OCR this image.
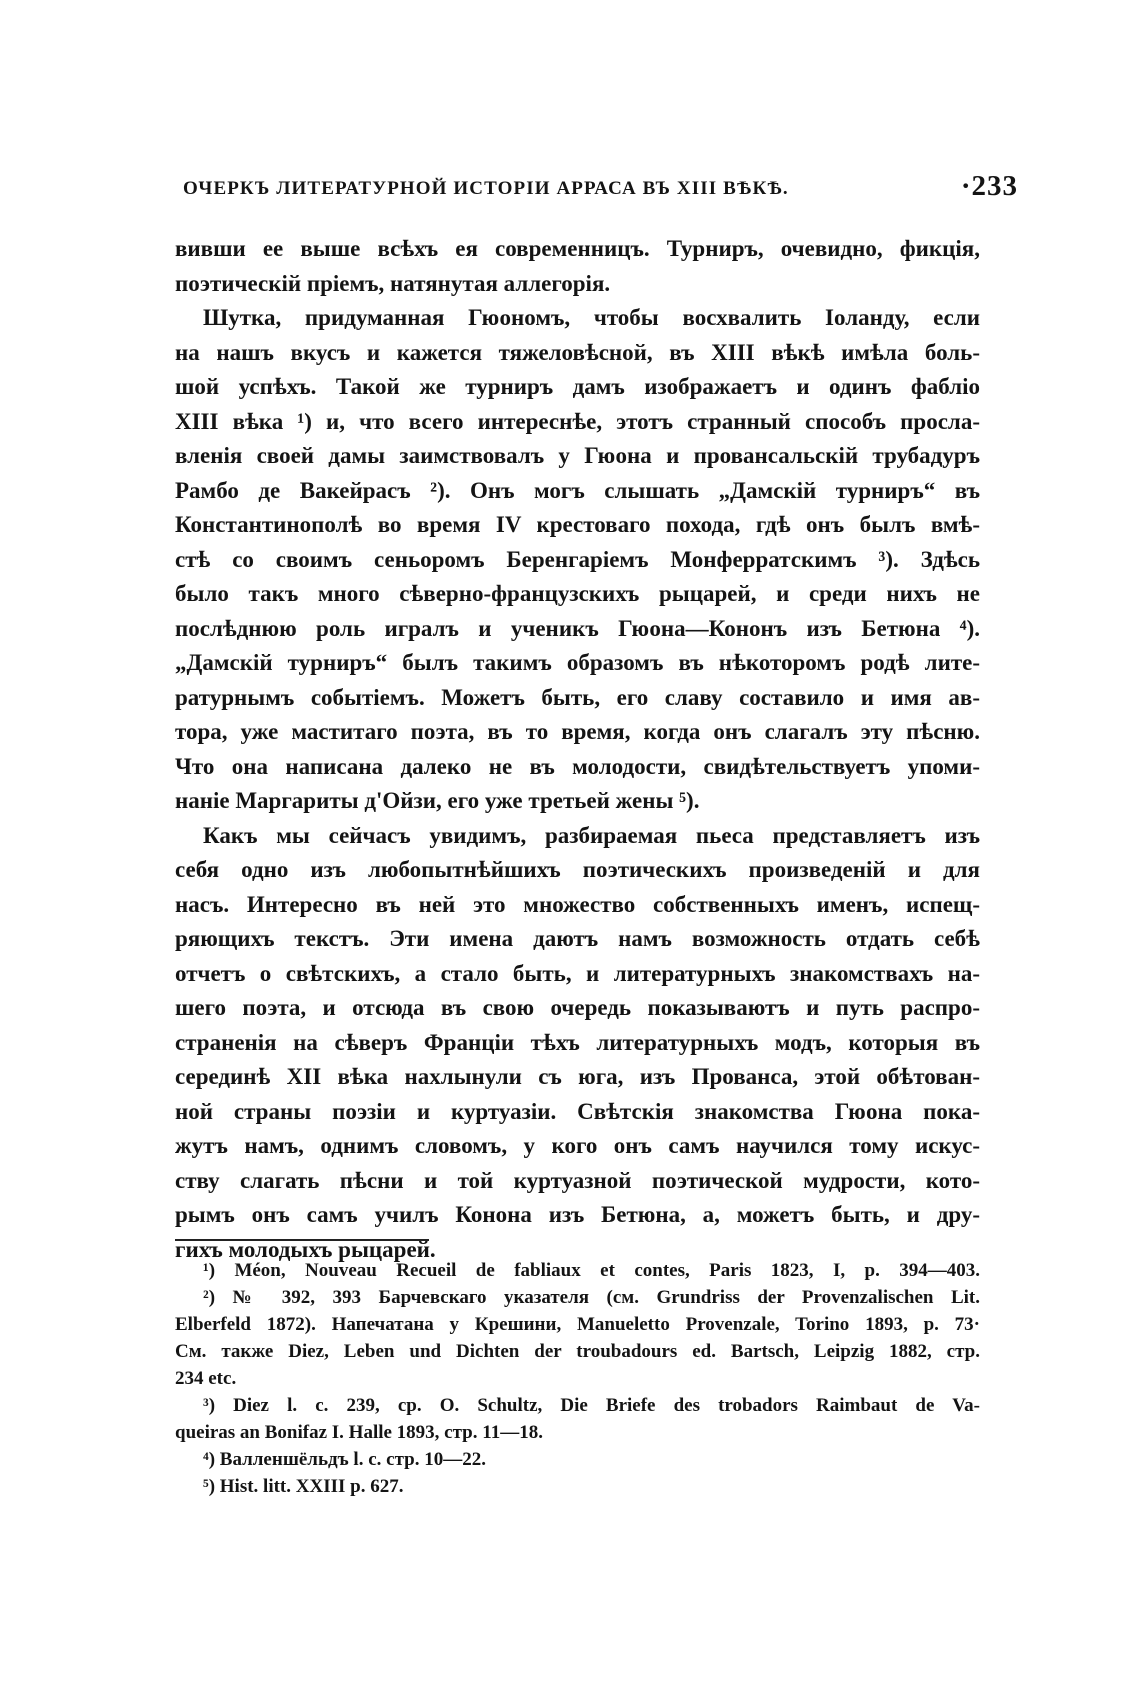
ОЧЕРКЪ ЛИТЕРАТУРНОЙ ИСТОРІИ АРРАСА ВЪ XIII ВѢКѢ.	·233
вивши ее выше всѣхъ ея современницъ. Турниръ, очевидно, фикція,
поэтическій пріемъ, натянутая аллегорія.
Шутка, придуманная Гюономъ, чтобы восхвалить Іоланду, если
на нашъ вкусъ и кажется тяжеловѣсной, въ XIII вѣкѣ имѣла боль-
шой успѣхъ. Такой же турниръ дамъ изображаетъ и одинъ фабліо
XIII вѣка ¹) и, что всего интереснѣе, этотъ странный способъ просла-
вленія своей дамы заимствовалъ у Гюона и провансальскій трубадуръ
Рамбо де Вакейрасъ ²). Онъ могъ слышать „Дамскій турниръ“ въ
Константинополѣ во время IV крестоваго похода, гдѣ онъ былъ вмѣ-
стѣ со своимъ сеньоромъ Беренгаріемъ Монферратскимъ ³). Здѣсь
было такъ много сѣверно-французскихъ рыцарей, и среди нихъ не
послѣднюю роль игралъ и ученикъ Гюона—Кононъ изъ Бетюна ⁴).
„Дамскій турниръ“ былъ такимъ образомъ въ нѣкоторомъ родѣ лите-
ратурнымъ событіемъ. Можетъ быть, его славу составило и имя ав-
тора, уже маститаго поэта, въ то время, когда онъ слагалъ эту пѣсню.
Что она написана далеко не въ молодости, свидѣтельствуетъ упоми-
наніе Маргариты д'Ойзи, его уже третьей жены ⁵).
Какъ мы сейчасъ увидимъ, разбираемая пьеса представляетъ изъ
себя одно изъ любопытнѣйшихъ поэтическихъ произведеній и для
насъ. Интересно въ ней это множество собственныхъ именъ, испещ-
ряющихъ текстъ. Эти имена даютъ намъ возможность отдать себѣ
отчетъ о свѣтскихъ, а стало быть, и литературныхъ знакомствахъ на-
шего поэта, и отсюда въ свою очередь показываютъ и путь распро-
страненія на сѣверъ Франціи тѣхъ литературныхъ модъ, которыя въ
серединѣ XII вѣка нахлынули съ юга, изъ Прованса, этой обѣтован-
ной страны поэзіи и куртуазіи. Свѣтскія знакомства Гюона пока-
жутъ намъ, однимъ словомъ, у кого онъ самъ научился тому искус-
ству слагать пѣсни и той куртуазной поэтической мудрости, кото-
рымъ онъ самъ училъ Конона изъ Бетюна, а, можетъ быть, и дру-
гихъ молодыхъ рыцарей.
¹) Méon, Nouveau Recueil de fabliaux et contes, Paris 1823, I, p. 394—403.
²) № 392, 393 Барчевскаго указателя (см. Grundriss der Provenzalischen Lit.
Elberfeld 1872). Напечатана у Крешини, Manueletto Provenzale, Torino 1893, p. 73·
См. также Diez, Leben und Dichten der troubadours ed. Bartsch, Leipzig 1882, стр.
234 etc.
³) Diez l. c. 239, ср. O. Schultz, Die Briefe des trobadors Raimbaut de Va-
queiras an Bonifaz I. Halle 1893, стр. 11—18.
⁴) Валленшёльдъ l. c. стр. 10—22.
⁵) Hist. litt. XXIII p. 627.
